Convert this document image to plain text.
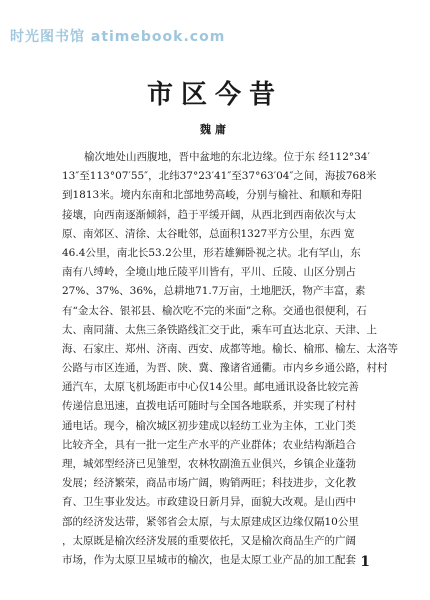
时光图书馆 atimebook.com
市区今昔
魏庸
榆次地处山西腹地，晋中盆地的东北边缘。位于东 经112°34′
13″至113°07′55″，北纬37°23′41″至37°63′04″之间，海拔768米
到1813米。境内东南和北部地势高峻，分别与榆社、和顺和寿阳
接壤，向西南逐渐倾斜，趋于平缓开阔，从西北到西南依次与太
原、南郊区、清徐、太谷毗邻，总面积1327平方公里，东西 宽
46.4公里，南北长53.2公里，形若雄狮卧视之状。北有罕山，东
南有八缚岭，全境山地丘陵平川皆有，平川、丘陵、山区分别占
27%、37%、36%，总耕地71.7万亩，土地肥沃，物产丰富，素
有“金太谷、银祁县、榆次吃不完的米面”之称。交通也很便利，石
太、南同蒲、太焦三条铁路线汇交于此，乘车可直达北京、天津、上
海、石家庄、郑州、济南、西安、成都等地。榆长、榆邢、榆左、太洛等
公路与市区连通，为晋、陕、冀、豫诸省通衢。市内乡乡通公路，村村
通汽车，太原飞机场距市中心仅14公里。邮电通讯设备比较完善
传递信息迅速，直拨电话可随时与全国各地联系，并实现了村村
通电话。现今，榆次城区初步建成以轻纺工业为主体，工业门类
比较齐全，具有一批一定生产水平的产业群体；农业结构渐趋合
理，城郊型经济已见雏型，农林牧副渔五业俱兴，乡镇企业蓬勃
发展；经济繁荣，商品市场广阔，购销两旺；科技进步，文化教
育、卫生事业发达。市政建设日新月异，面貌大改观。是山西中
部的经济发达带，紧邻省会太原，与太原建成区边缘仅隔10公里
，太原既是榆次经济发展的重要依托，又是榆次商品生产的广阔
市场，作为太原卫星城市的榆次，也是太原工业产品的加工配套 1
